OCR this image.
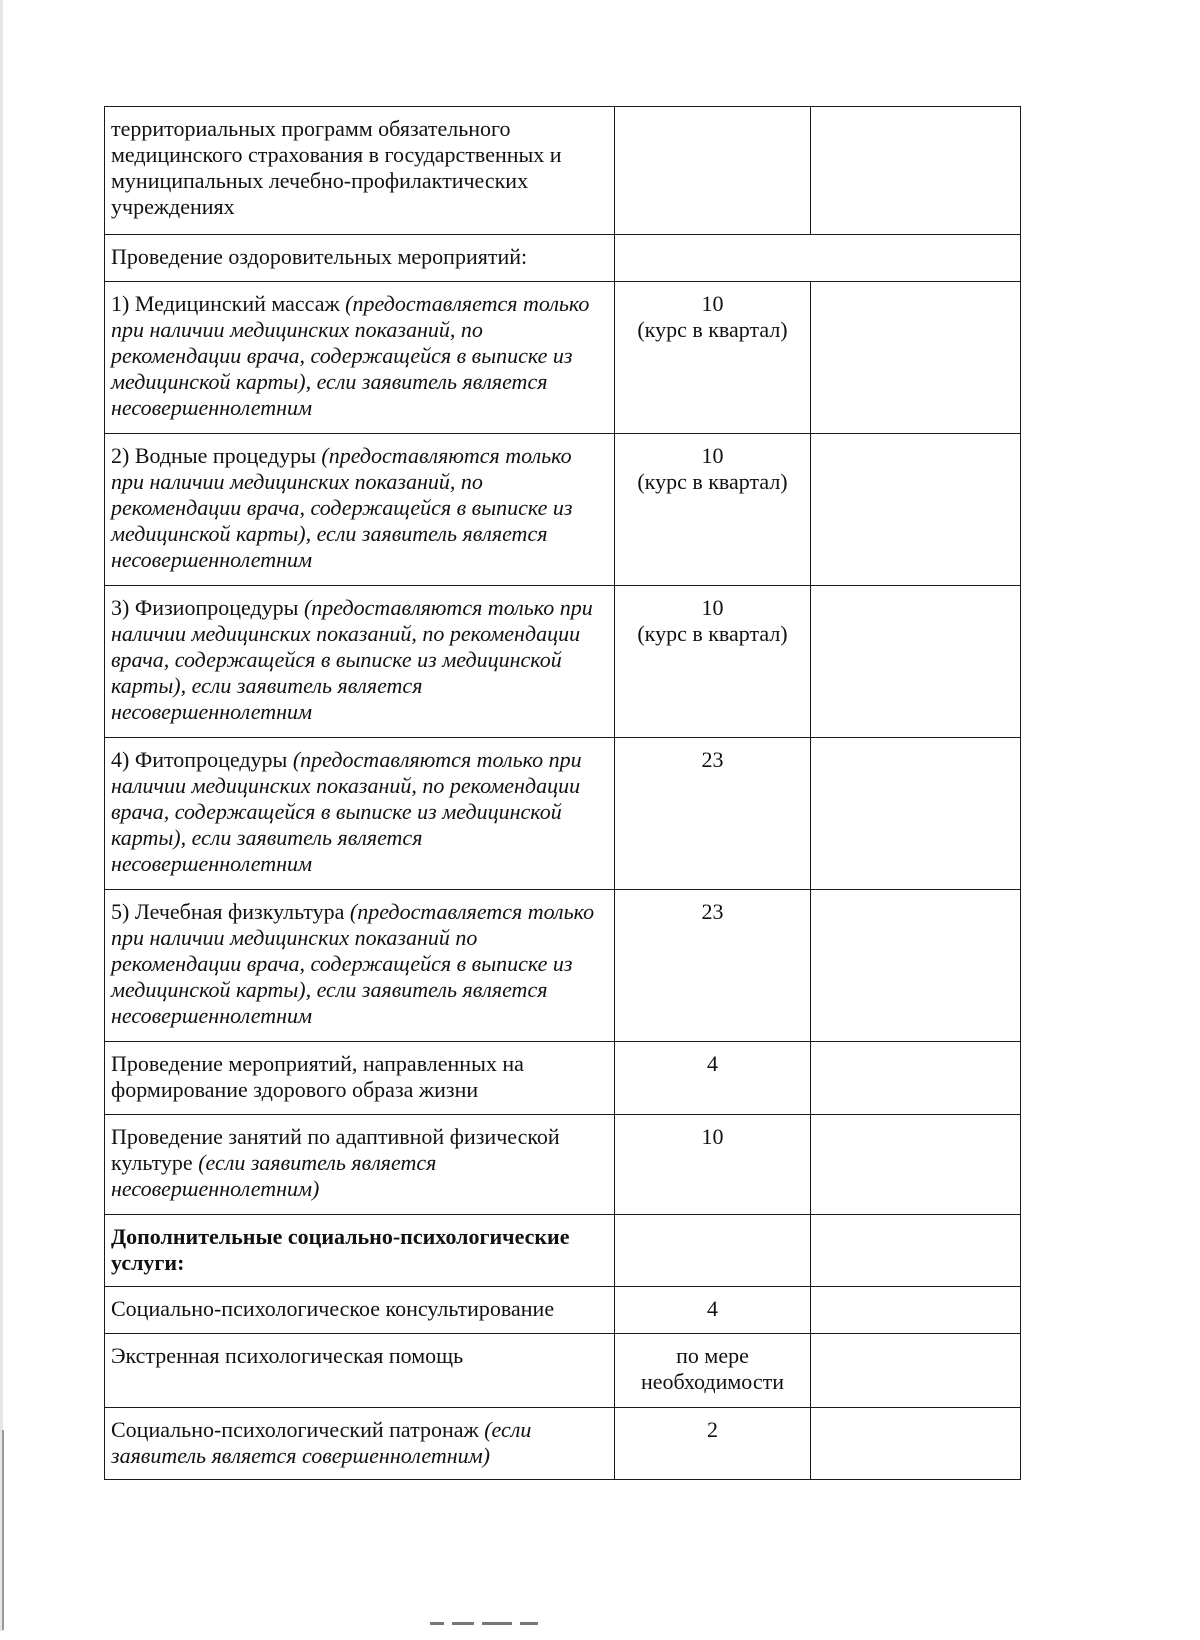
территориальных программ обязательного медицинского страхования в государственных и муниципальных лечебно-профилактических учреждениях		
Проведение оздоровительных мероприятий:		
1) Медицинский массаж (предоставляется только при наличии медицинских показаний, по рекомендации врача, содержащейся в выписке из медицинской карты), если заявитель является несовершеннолетним	10
(курс в квартал)	

2) Водные процедуры (предоставляются только при наличии медицинских показаний, по рекомендации врача, содержащейся в выписке из медицинской карты), если заявитель является несовершеннолетним	10
(курс в квартал)	

3) Физиопроцедуры (предоставляются только при наличии медицинских показаний, по рекомендации врача, содержащейся в выписке из медицинской карты), если заявитель является несовершеннолетним	10
(курс в квартал)	

4) Фитопроцедуры (предоставляются только при наличии медицинских показаний, по рекомендации врача, содержащейся в выписке из медицинской карты), если заявитель является несовершеннолетним	23	
5) Лечебная физкультура (предоставляется только при наличии медицинских показаний по рекомендации врача, содержащейся в выписке из медицинской карты), если заявитель является несовершеннолетним	23	
Проведение мероприятий, направленных на формирование здорового образа жизни	4	
Проведение занятий по адаптивной физической культуре (если заявитель является несовершеннолетним)	10	
Дополнительные социально-психологические услуги:		
Социально-психологическое консультирование	4	
Экстренная психологическая помощь	по мере необходимости	
Социально-психологический патронаж (если заявитель является совершеннолетним)	2	
